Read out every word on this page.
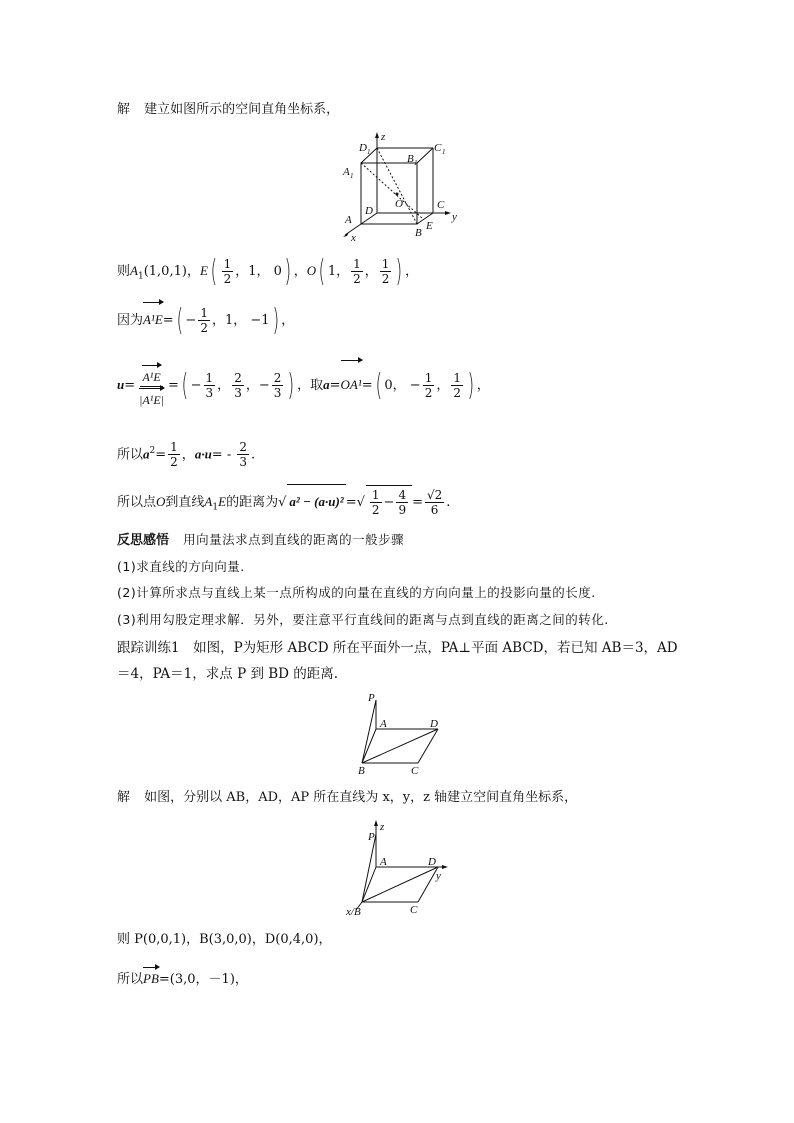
解 建立如图所示的空间直角坐标系，
z
y
x
D 1	C 1
B 1
A 1
O
A
D	C
E
B
则$A_1(1,0,1)$，$E( \frac{1}{2}$ ，1， 0) ，O( 1， $\frac{1}{2}$ ， $\frac{1}{2}$ ) ，
因为$A^1E=( - \frac{1}{2}$ ，1， −1) ，
$u= \frac{\text{A¹E}}{\text{|A¹E|}}$ =( − $\frac{1}{3}$ ， $\frac{2}{3}$ ，− $\frac{2}{3}$ ) ，取a=OA¹=( 0， − $\frac{1}{2}$ ， $\frac{1}{2}$ ) ，
所以$a^2= \frac{1}{2}$ ，$a\cdot u= - \frac{2}{3}$ .
所以点O到直线$A_1E$的距离为√ a² − (a·u)² =√ $\frac{1}{2} - \frac{4}{9} = \frac{√2}{6}$ .
反思感悟 用向量法求点到直线的距离的一般步骤
(1)求直线的方向向量.
(2)计算所求点与直线上某一点所构成的向量在直线的方向向量上的投影向量的长度.
(3)利用勾股定理求解．另外，要注意平行直线间的距离与点到直线的距离之间的转化.
跟踪训练1　如图，P为矩形 ABCD 所在平面外一点，PA⊥平面 ABCD，若已知 AB＝3，AD
＝4，PA＝1，求点 P 到 BD 的距离.
P
A	D
B	C
解 如图，分别以 AB，AD，AP 所在直线为 x，y，z 轴建立空间直角坐标系，
z
P
A	D
y
x/B	C
则 P(0,0,1)，B(3,0,0)，D(0,4,0)，
所以PB=(3,0，－1)，
